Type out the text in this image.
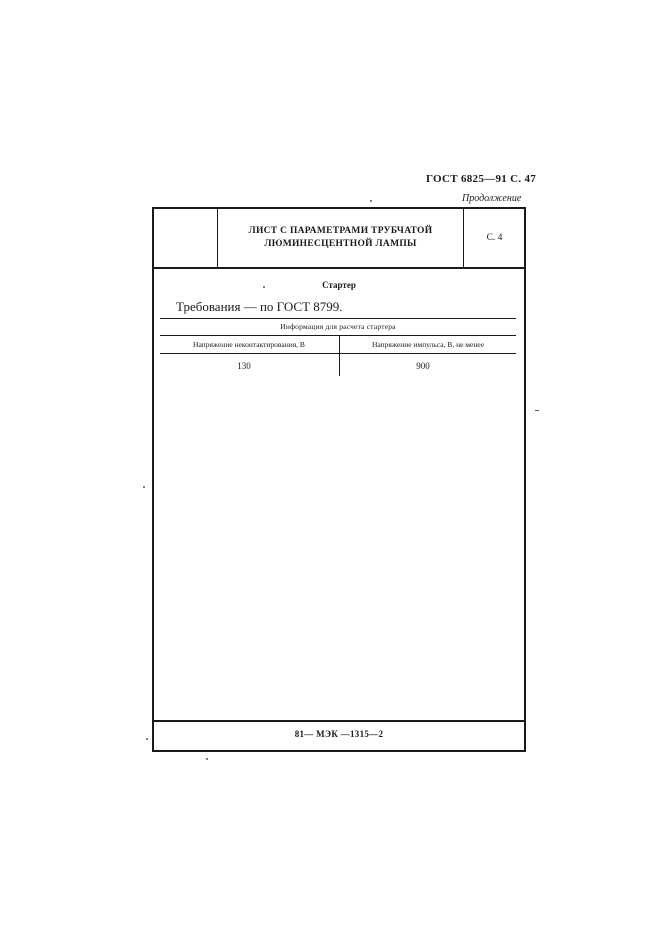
ГОСТ 6825—91 С. 47
Продолжение
ЛИСТ С ПАРАМЕТРАМИ ТРУБЧАТОЙ
ЛЮМИНЕСЦЕНТНОЙ ЛАМПЫ
С. 4
Стартер
Требования — по ГОСТ 8799.
Информация для расчета стартера
Напряжение неконтактирования, В	Напряжение импульса, В, не менее
130	900
81— МЭК —1315—2
